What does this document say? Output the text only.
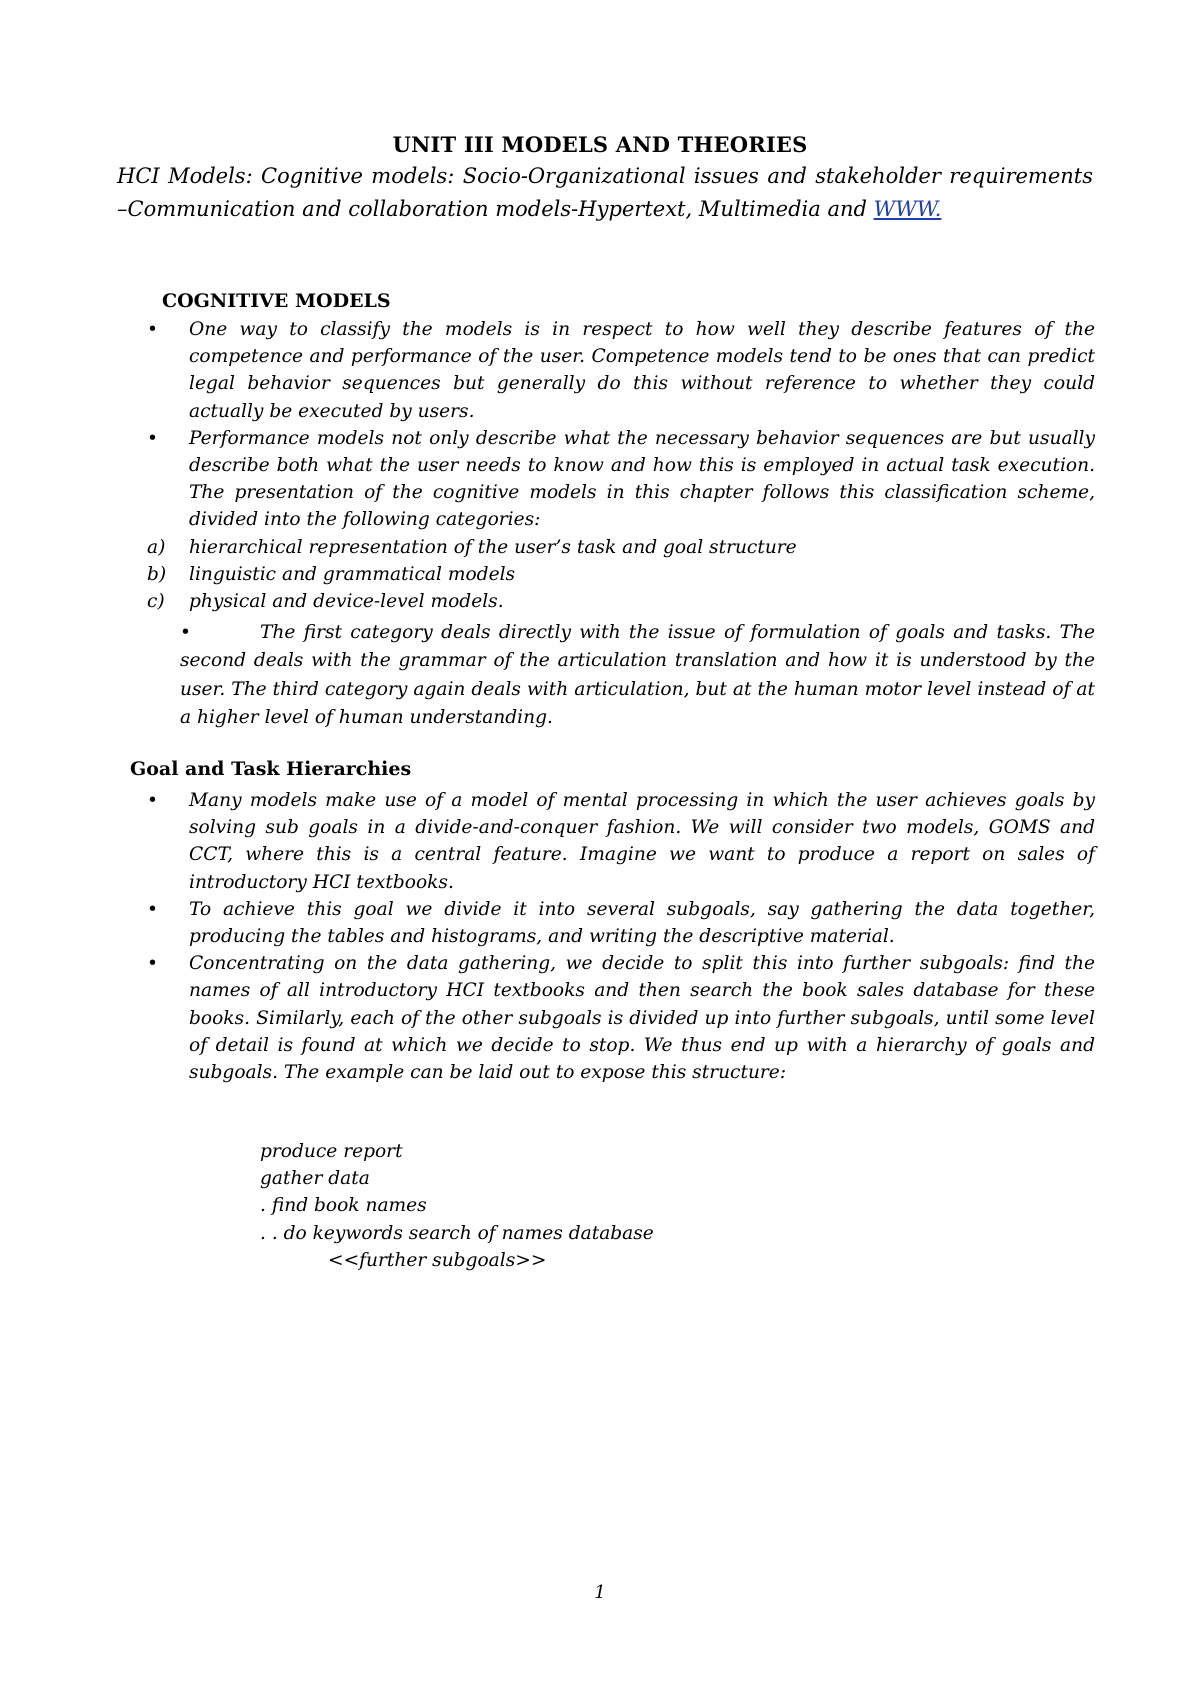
UNIT III MODELS AND THEORIES
HCI Models: Cognitive models: Socio-Organizational issues and stakeholder requirements –Communication and collaboration models-Hypertext, Multimedia and WWW.
COGNITIVE MODELS
•	One way to classify the models is in respect to how well they describe features of the competence and performance of the user. Competence models tend to be ones that can predict legal behavior sequences but generally do this without reference to whether they could actually be executed by users.
•	Performance models not only describe what the necessary behavior sequences are but usually describe both what the user needs to know and how this is employed in actual task execution. The presentation of the cognitive models in this chapter follows this classification scheme, divided into the following categories:
a) hierarchical representation of the user’s task and goal structure
b) linguistic and grammatical models
c) physical and device-level models.
•	The first category deals directly with the issue of formulation of goals and tasks. The second deals with the grammar of the articulation translation and how it is understood by the user. The third category again deals with articulation, but at the human motor level instead of at a higher level of human understanding.
Goal and Task Hierarchies
•	Many models make use of a model of mental processing in which the user achieves goals by solving sub goals in a divide-and-conquer fashion. We will consider two models, GOMS and CCT, where this is a central feature. Imagine we want to produce a report on sales of introductory HCI textbooks.
•	To achieve this goal we divide it into several subgoals, say gathering the data together, producing the tables and histograms, and writing the descriptive material.
•	Concentrating on the data gathering, we decide to split this into further subgoals: find the names of all introductory HCI textbooks and then search the book sales database for these books. Similarly, each of the other subgoals is divided up into further subgoals, until some level of detail is found at which we decide to stop. We thus end up with a hierarchy of goals and subgoals. The example can be laid out to expose this structure:
produce report
gather data
. find book names
. . do keywords search of names database
<<further subgoals>>
1
